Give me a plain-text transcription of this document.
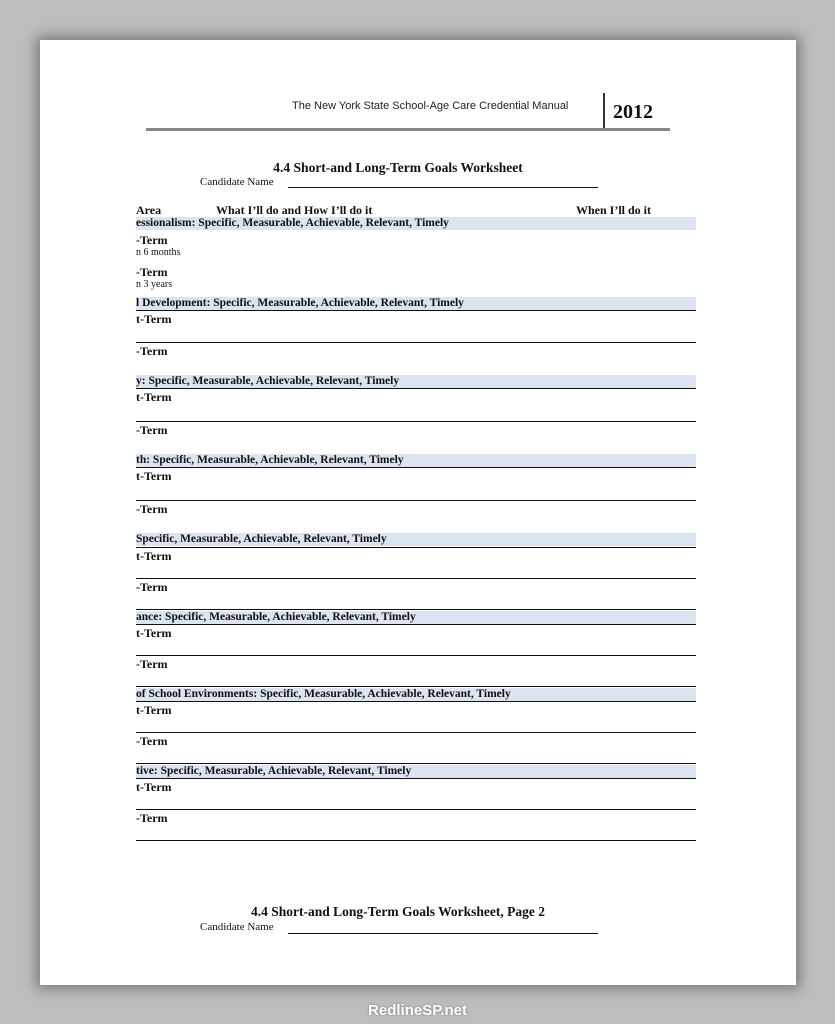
The New York State School-Age Care Credential Manual 2012
4.4 Short-and Long-Term Goals Worksheet
Candidate Name
Area	What I’ll do and How I’ll do it	When I’ll do it
essionalism: Specific, Measurable, Achievable, Relevant, Timely
-Term
n 6 months
-Term
n 3 years
l Development: Specific, Measurable, Achievable, Relevant, Timely
t-Term
-Term
y: Specific, Measurable, Achievable, Relevant, Timely
t-Term
-Term
th: Specific, Measurable, Achievable, Relevant, Timely
t-Term
-Term
Specific, Measurable, Achievable, Relevant, Timely
t-Term
-Term
ance: Specific, Measurable, Achievable, Relevant, Timely
t-Term
-Term
of School Environments: Specific, Measurable, Achievable, Relevant, Timely
t-Term
-Term
tive: Specific, Measurable, Achievable, Relevant, Timely
t-Term
-Term
4.4 Short-and Long-Term Goals Worksheet, Page 2
Candidate Name
RedlineSP.net
